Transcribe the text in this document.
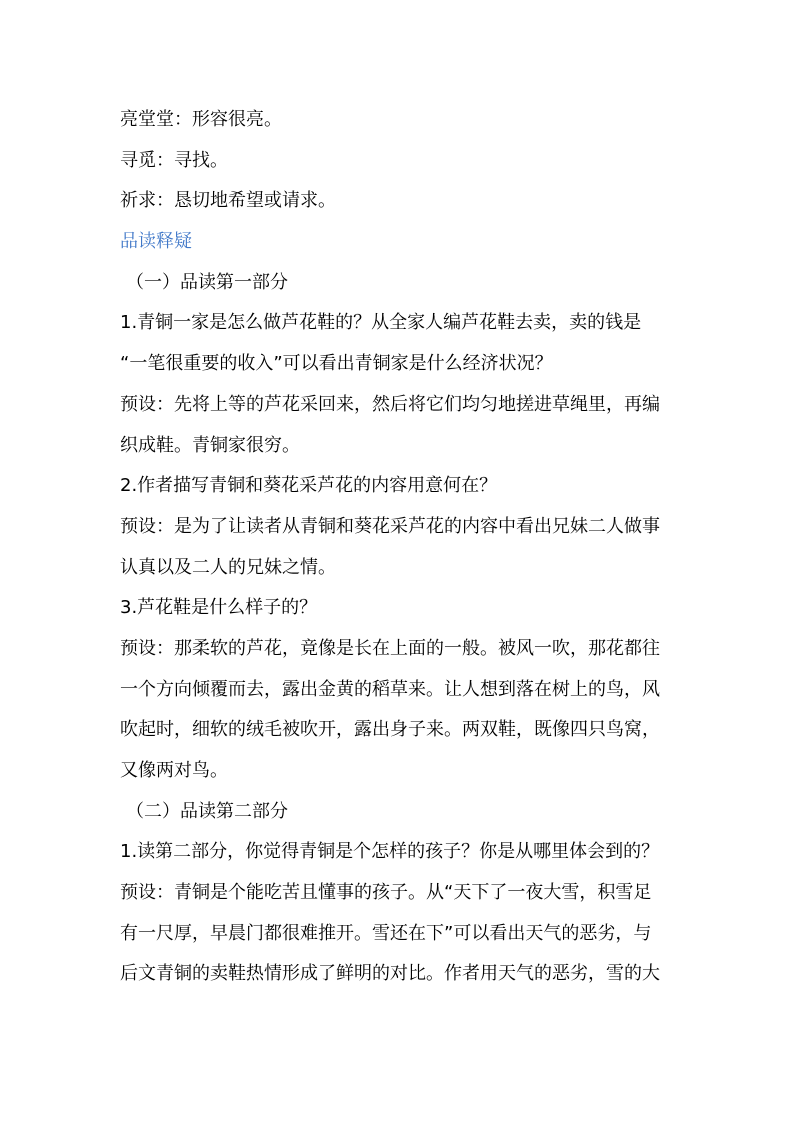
亮堂堂：形容很亮。
寻觅：寻找。
祈求：恳切地希望或请求。
品读释疑
（一）品读第一部分
1.青铜一家是怎么做芦花鞋的？从全家人编芦花鞋去卖，卖的钱是
“一笔很重要的收入”可以看出青铜家是什么经济状况？
预设：先将上等的芦花采回来，然后将它们均匀地搓进草绳里，再编
织成鞋。青铜家很穷。
2.作者描写青铜和葵花采芦花的内容用意何在？
预设：是为了让读者从青铜和葵花采芦花的内容中看出兄妹二人做事
认真以及二人的兄妹之情。
3.芦花鞋是什么样子的？
预设：那柔软的芦花，竟像是长在上面的一般。被风一吹，那花都往
一个方向倾覆而去，露出金黄的稻草来。让人想到落在树上的鸟，风
吹起时，细软的绒毛被吹开，露出身子来。两双鞋，既像四只鸟窝，
又像两对鸟。
（二）品读第二部分
1.读第二部分，你觉得青铜是个怎样的孩子？你是从哪里体会到的？
预设：青铜是个能吃苦且懂事的孩子。从“天下了一夜大雪，积雪足
有一尺厚，早晨门都很难推开。雪还在下”可以看出天气的恶劣，与
后文青铜的卖鞋热情形成了鲜明的对比。作者用天气的恶劣，雪的大
